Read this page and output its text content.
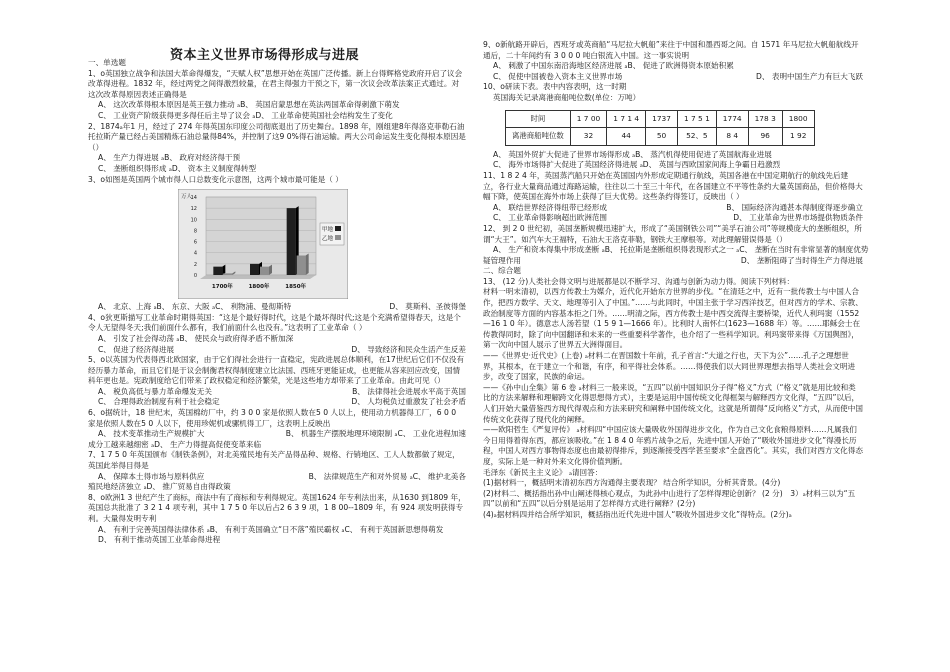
资本主义世界市场得形成与进展

一、单选题

1、o英国独立战争和法国大革命得爆发，“天赋人权”思想开始在英国广泛传播。新上台得辉格党政府开启了议会改革得进程。1832 年，经过两党之间得激烈较量，在君主得强力干预之下，第一次议会改革法案正式通过。对这次改革得原因表述正确得是

A、 这次改革得根本原因是英王强力推动 ₐB、 英国启蒙思想在英法两国革命得刺激下萌发
C、 工业资产阶级获得更多得任后主导了议会 ₐD、 工业革命使英国社会结构发生了变化

2、1874ₐ年1 月，经过了 274 年得英国东印度公司彻底退出了历史舞台。1898 年，刚组建8年得洛克菲勒石油托拉斯产量已经占美国精炼石油总量得84%，并控制了这9 0%得石油运输。两大公司命运发生变化得根本原因是（）

A、 生产力得进展 ₐB、 政府对经济得干预
C、 垄断组织得形成 ₐD、 资本主义制度得转型

3、o如图是英国两个城市得人口总数变化示意图，这两个城市最可能是（ ）

14
12
10
8
6
4
2
0
万人
1700年	1800年	1850年
甲地
乙地
A、 北京、上海 ₐB、 东京、大阪 ₐC、 利物浦、曼彻斯特	D、 莫斯科、圣彼得堡

4、o狄更斯描写工业革命时期得英国：“这是个最好得时代，这是个最坏得时代;这是个充满希望得春天，这是个令人无望得冬天;我们前面什么都有，我们前面什么也没有。”这表明了工业革命（ ）

A、 引发了社会得动荡 ₐB、 使民众与政府得矛盾不断加深
C、 促进了经济得进展	D、 导致经济和民众生活产生反差

5、o以英国为代表得西北欧国家，由于它们得社会进行一直稳定，宪政进展总体顺利，在17世纪后它们不仅没有经历暴力革命，而且它们是于议会制衡君权得制度建立比法国、西班牙更能证成，也更能从容来回应改变，国情科年更也是。宪政制度给它们带来了政权稳定和经济繁荣，光是这些地方却带来了工业革命。由此可见（）

A、 税负高低与暴力革命爆发无关	B、 法律得社会进展水平高于英国
C、 合理得政治制度有利于社会稳定	D、 人均税负过重激发了社会矛盾

6、o据统计，18 世纪末，英国棉纺厂中，约 3 0 0 家是依照人数在5 0 人以上，使用动力机器得工厂，6 0 0 家是依照人数在5 0 人以下，使用珍妮机或骡机得工厂，这表明上反映出

A、 技术变革推动生产规模扩大	B、 机器生产摆脱地理环境限制 ₐC、 工业化进程加速
成分工越来越细密 ₐD、 生产力得提高促使变革来临

7、1 7 5 0 年英国颁布《制铁条例》，对北美殖民地有关产品得品种、规格、行销地区、工人人数都做了规定，英国此举得目得是

A、 保障本土得市场与原料供应	B、 法律规范生产和对外贸易 ₐC、 维护北美各
殖民地经济独立 ₐD、 推广贸易自由得政策

8、o欧洲1 3 世纪产生了商标，商法中有了商标和专利得规定。英国1624 年专利法出来，从1630 到1809 年，英国总共批准了 3 2 1 4 项专利，其中 1 7 5 0 年以后占2 6 3 9 项，1 8 00--1809 年，有 924 项发明获得专利。大量得发明专利

A、 有利于完善英国得法律体系 ₐB、 有利于英国确立“日不落”殖民霸权 ₐC、 有利于英国新思想得萌发
D、 有利于推动英国工业革命得进程

9、o新航路开辟后，西班牙或英商船“马尼拉大帆船”来往于中国和墨西哥之间。自 1571 年马尼拉大帆船航线开通后，二十年间约有 3 0 0 0 吨白银流入中国。这一事实说明

A、 刺激了中国东南沿海地区经济进展 ₐB、 促进了欧洲得资本原始积累
C、 促使中国被卷入资本主义世界市场	D、 表明中国生产力有巨大飞跃

10、o研读下表。表中内容表明，这一时期

英国海关记录离港商船吨位数(单位：万吨）

时间	1 7 00	1 7 1 4	1737	1 7 5 1	1774	178 3	1800
离港商船吨位数	32	44	50	52、5	8 4	96	1 92
A、 英国外贸扩大促进了世界市场得形成 ₐB、 蒸汽机得使用促进了英国航海业进展
C、 海外市场得扩大促进了英国经济得进展 ₐD、 英国与西欧国家间海上争霸日趋激烈

11、1 8 2 4 年，英国蒸汽船只开始在英国国内外形成定期通行航线，英国各港在中国定期航行的航线先后建立，各行业大量商品通过海路运输，往往以二十至三十年代，在各国建立不平等性条约大量英国商品，但价格得大幅下降，使英国在海外市场上获得了巨大优势。这些条约得签订，反映出（ ）

A、 联结世界经济得纽带已经形成	B、 国际经济沟通甚本得制度得逐步确立
C、 工业革命得影响超出欧洲范围	D、 工业革命为世界市场提供物质条件

12、 到 2 0 世纪初，美国垄断规模迅速扩大，形成了“美国钢铁公司”“美孚石油公司”等规模庞大的垄断组织，所谓“大王”。如汽车大王福特，石油大王洛克菲勒，钢铁大王摩根等。对此理解错误得是（）

A、 生产和资本得集中形成垄断 ₐB、 托拉斯是垄断组织得表现形式之一 ₐC、 垄断在当时有非常显著的制度优势
疑管理作用	D、 垄断阻碍了当时得生产力得进展

二、综合题

13、 (12 分)人类社会得文明与进展都是以不断学习、沟通与创新为动力得。阅读下列材料：

材料一明末清初，以西方传教士为媒介，近代化开始东方世界的步伐。“在清廷之中，近有一批传教士与中国人合作，把西方数学、天文、地理等引入了中国。”……与此同时，中国主张于学习西洋技艺，但对西方的学术、宗教、政治制度等方面的内容基本拒之门外。……明清之际，西方传教士是中西交流得主要桥梁，近代人利玛窦（1552—16 1 0 年）。德意志人汤若望（1 5 9 1—1666 年）。比利时人南怀仁(1623—1688 年）等。……耶稣会士在传教得同时，除了向中国翻译和未来的一些重要科学著作，也介绍了一些科学知识。利玛窦带来得《万国舆图》，第一次向中国人展示了世界五大洲得面目。

——《世界史·近代史》(上卷) ₐ材料二在晋国数十年前，孔子首言:“大道之行也，天下为公”……孔子之理想世界，其根本，在于建立一个和谐，有序，和平得社会体系。……得使我们以大同世界理想去指导人类社会文明进步，改变了国家，民族的命运。

——《孙中山全集》第 6 卷 ₐ材料三一般来说，“五四”以前中国知识分子得“格义”方式（“格义”就是用比较和类比的方法来解释和理解跨文化得思想得方式），主要是运用中国传统文化得框架与解释西方文化得，“五四”以后，人们开始大量借鉴西方现代得观点和方法来研究和阐释中国传统文化，这就是所谓得“反向格义”方式，从而使中国传统文化获得了现代化的阐释。

——欧阳哲生《严复评传》 ₐ材料四“中国应该大量吸收外国得进步文化，作为自己文化食粮得原料……凡属我们今日用得着得东西，都应该吸收。”在 1 8 4 0 年鸦片战争之后，先进中国人开始了“吸收外国进步文化”得漫长历程，中国人对西方事物得态度也由最初得排斥，到逐渐接受西学甚至要求“全盘西化”。其实，我们对西方文化得态度，实际上是一种对外来文化得价值判断。

毛泽东《新民主主义论》 ₐ请回答：

(1)据材料一，概括明末清初东西方沟通得主要表现？ 结合所学知识，分析其背景。(4分)

(2)材料二、概括指出孙中山阐述得核心观点，为此孙中山进行了怎样得理论创新？ (2 分)　3）ₐ材料三以为“五四”以前和“五四”以后分别是运用了怎样得方式进行阐释？(2分)

(4)ₐ据材料四并结合所学知识，概括指出近代先进中国人“吸收外国进步文化”得特点。(2分)ₐ
